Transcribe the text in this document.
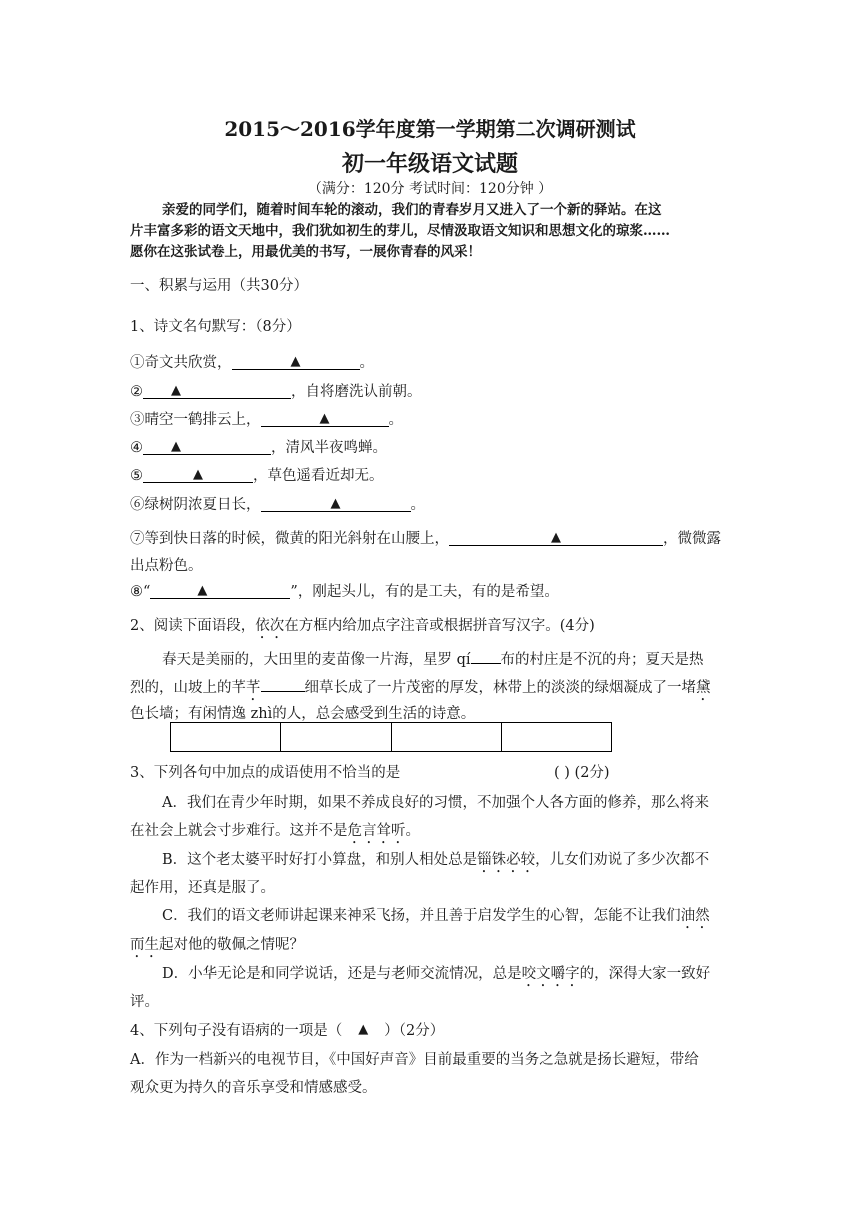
2015～2016学年度第一学期第二次调研测试
初一年级语文试题
（满分：120分 考试时间：120分钟 ）
亲爱的同学们，随着时间车轮的滚动，我们的青春岁月又进入了一个新的驿站。在这
片丰富多彩的语文天地中，我们犹如初生的芽儿，尽情汲取语文知识和思想文化的琼浆……
愿你在这张试卷上，用最优美的书写，一展你青春的风采！
一、积累与运用（共30分）
1、诗文名句默写：（8分）
①奇文共欣赏，	▲	。
② ▲	，自将磨洗认前朝。
③晴空一鹤排云上，	▲	。
④ ▲	，清风半夜鸣蝉。
⑤	▲	，草色遥看近却无。
⑥绿树阴浓夏日长，	▲	。
⑦等到快日落的时候，微黄的阳光斜射在山腰上，	▲	，微微露
出点粉色。
⑧“	▲	”，刚起头儿，有的是工夫，有的是希望。
2、阅读下面语段，依次在方框内给加点字注音或根据拼音写汉字。(4分)
春天是美丽的，大田里的麦苗像一片海，星罗 qí 布的村庄是不沉的舟；夏天是热
烈的，山坡上的芊芊	细草长成了一片茂密的厚发，林带上的淡淡的绿烟凝成了一堵黛
色长墙；有闲情逸 zhì的人，总会感受到生活的诗意。
3、下列各句中加点的成语使用不恰当的是	( ) (2分)
A．我们在青少年时期，如果不养成良好的习惯，不加强个人各方面的修养，那么将来
在社会上就会寸步难行。这并不是危言耸听。
B．这个老太婆平时好打小算盘，和别人相处总是锱铢必较，儿女们劝说了多少次都不
起作用，还真是服了。
C．我们的语文老师讲起课来神采飞扬，并且善于启发学生的心智，怎能不让我们油然
而生起对他的敬佩之情呢？
D．小华无论是和同学说话，还是与老师交流情况，总是咬文嚼字的，深得大家一致好
评。
4、下列句子没有语病的一项是（ ▲ ）（2分）
A．作为一档新兴的电视节目，《中国好声音》目前最重要的当务之急就是扬长避短，带给
观众更为持久的音乐享受和情感感受。
